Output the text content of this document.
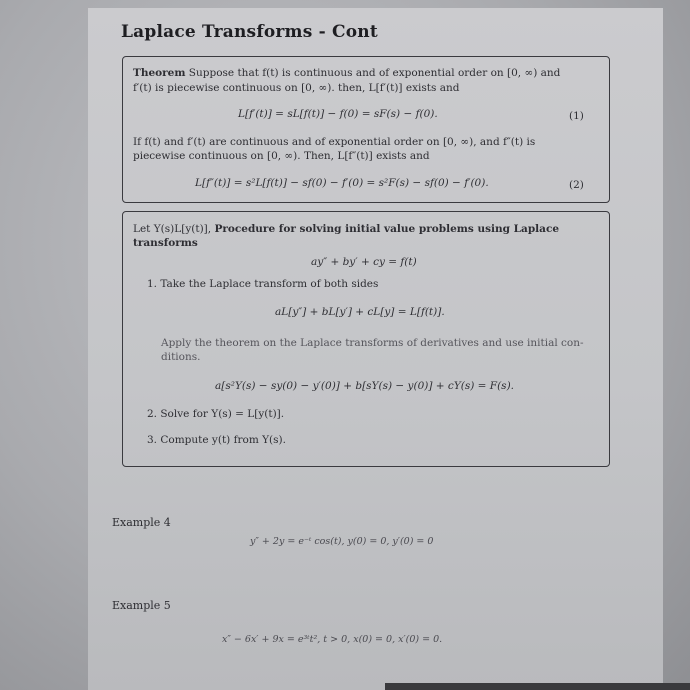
Laplace Transforms - Cont
Theorem Suppose that f(t) is continuous and of exponential order on [0, ∞) and
f′(t) is piecewise continuous on [0, ∞). then, L[f′(t)] exists and
L[f′(t)] = sL[f(t)] − f(0) = sF(s) − f(0).	(1)
If f(t) and f′(t) are continuous and of exponential order on [0, ∞), and f″(t) is
piecewise continuous on [0, ∞). Then, L[f″(t)] exists and
L[f″(t)] = s²L[f(t)] − sf(0) − f′(0) = s²F(s) − sf(0) − f′(0).	(2)
Let Y(s)L[y(t)], Procedure for solving initial value problems using Laplace
transforms
ay″ + by′ + cy = f(t)
1. Take the Laplace transform of both sides
aL[y″] + bL[y′] + cL[y] = L[f(t)].
Apply the theorem on the Laplace transforms of derivatives and use initial con-
ditions.
a[s²Y(s) − sy(0) − y′(0)] + b[sY(s) − y(0)] + cY(s) = F(s).
2. Solve for Y(s) = L[y(t)].
3. Compute y(t) from Y(s).
Example 4
y″ + 2y = e⁻ᵗ cos(t), y(0) = 0, y′(0) = 0
Example 5
x″ − 6x′ + 9x = e³ᵗt², t > 0, x(0) = 0, x′(0) = 0.
